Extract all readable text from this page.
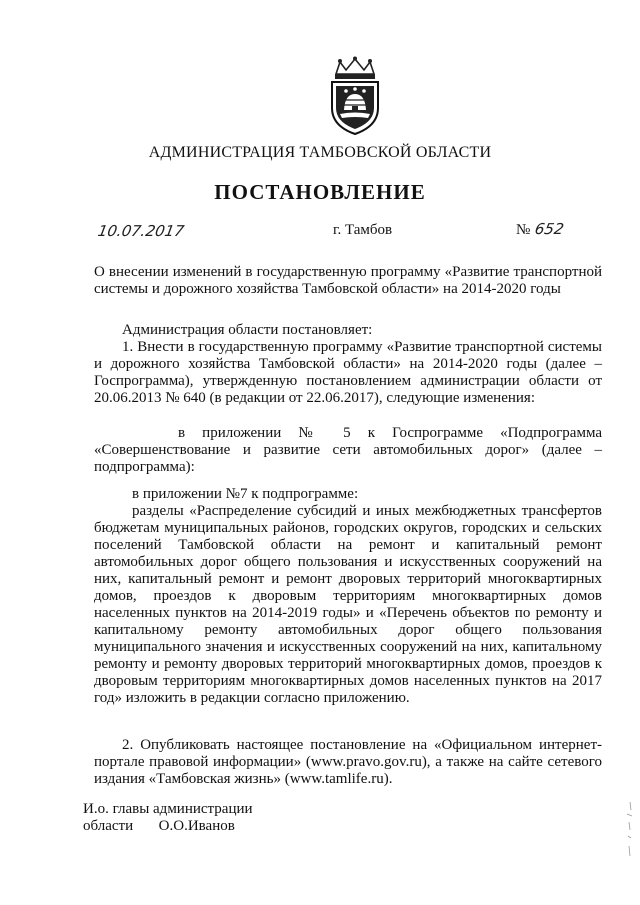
АДМИНИСТРАЦИЯ ТАМБОВСКОЙ ОБЛАСТИ
ПОСТАНОВЛЕНИЕ
10.07.2017	г. Тамбов	№ 652
О внесении изменений в государственную программу «Развитие транспортной системы и дорожного хозяйства Тамбовской области» на 2014-2020 годы
Администрация области постановляет:
1. Внести в государственную программу «Развитие транспортной системы и дорожного хозяйства Тамбовской области» на 2014-2020 годы (далее – Госпрограмма), утвержденную постановлением администрации области от 20.06.2013 № 640 (в редакции от 22.06.2017), следующие изменения:
в приложении № 5 к Госпрограмме «Подпрограмма «Совершенствование и развитие сети автомобильных дорог» (далее – подпрограмма):
в приложении №7 к подпрограмме:
разделы «Распределение субсидий и иных межбюджетных трансфертов бюджетам муниципальных районов, городских округов, городских и сельских поселений Тамбовской области на ремонт и капитальный ремонт автомобильных дорог общего пользования и искусственных сооружений на них, капитальный ремонт и ремонт дворовых территорий многоквартирных домов, проездов к дворовым территориям многоквартирных домов населенных пунктов на 2014-2019 годы» и «Перечень объектов по ремонту и капитальному ремонту автомобильных дорог общего пользования муниципального значения и искусственных сооружений на них, капитальному ремонту и ремонту дворовых территорий многоквартирных домов, проездов к дворовым территориям многоквартирных домов населенных пунктов на 2017 год» изложить в редакции согласно приложению.
2. Опубликовать настоящее постановление на «Официальном интернет-портале правовой информации» (www.pravo.gov.ru), а также на сайте сетевого издания «Тамбовская жизнь» (www.tamlife.ru).
И.о. главы администрации
области О.О.Иванов
